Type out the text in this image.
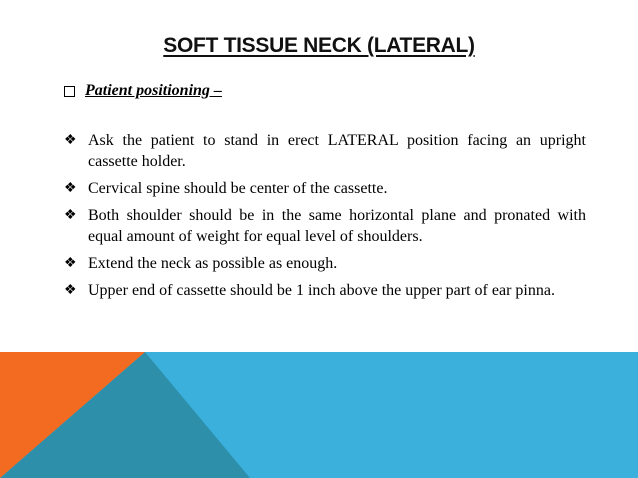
SOFT TISSUE NECK (LATERAL)
Patient positioning –
❖ Ask the patient to stand in erect LATERAL position facing an upright cassette holder.
❖ Cervical spine should be center of the cassette.
❖ Both shoulder should be in the same horizontal plane and pronated with equal amount of weight for equal level of shoulders.
❖ Extend the neck as possible as enough.
❖ Upper end of cassette should be 1 inch above the upper part of ear pinna.
